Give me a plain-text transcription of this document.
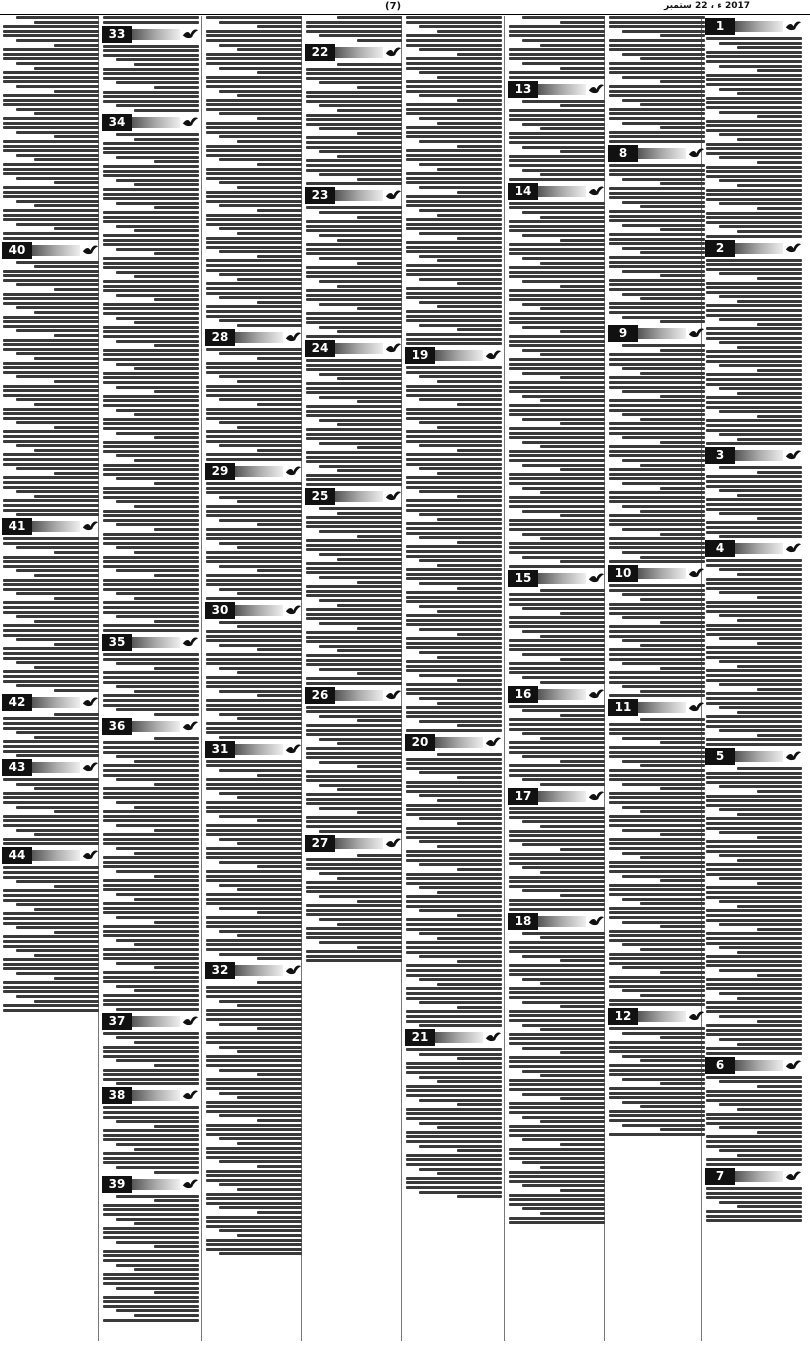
(7)	2017 ء ، 22 ستمبر
1
2
3
4
5
6
7
8
9
10
11
12
13
14
15
16
17
18
19
20
21
22
23
24
25
26
27
28
29
30
31
32
33
34
35
36
37
38
39
40
41
42
43
44
